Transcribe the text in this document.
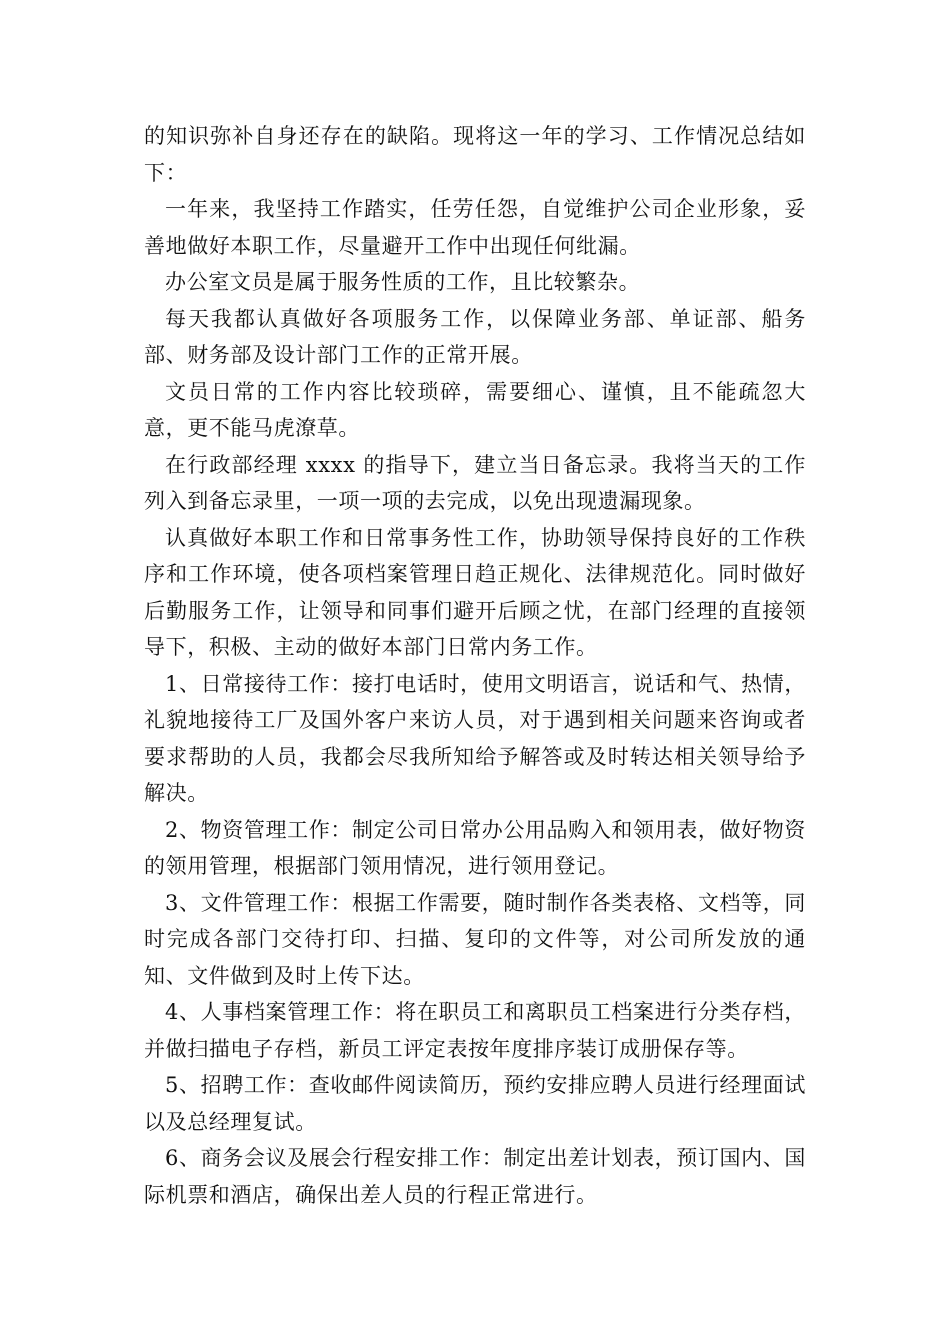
的知识弥补自身还存在的缺陷。现将这一年的学习、工作情况总结如下：

一年来，我坚持工作踏实，任劳任怨，自觉维护公司企业形象，妥善地做好本职工作，尽量避开工作中出现任何纰漏。

办公室文员是属于服务性质的工作，且比较繁杂。

每天我都认真做好各项服务工作，以保障业务部、单证部、船务部、财务部及设计部门工作的正常开展。

文员日常的工作内容比较琐碎，需要细心、谨慎，且不能疏忽大意，更不能马虎潦草。

在行政部经理 xxxx 的指导下，建立当日备忘录。我将当天的工作列入到备忘录里，一项一项的去完成，以免出现遗漏现象。

认真做好本职工作和日常事务性工作，协助领导保持良好的工作秩序和工作环境，使各项档案管理日趋正规化、法律规范化。同时做好后勤服务工作，让领导和同事们避开后顾之忧，在部门经理的直接领导下，积极、主动的做好本部门日常内务工作。

1、日常接待工作：接打电话时，使用文明语言，说话和气、热情，礼貌地接待工厂及国外客户来访人员，对于遇到相关问题来咨询或者要求帮助的人员，我都会尽我所知给予解答或及时转达相关领导给予解决。

2、物资管理工作：制定公司日常办公用品购入和领用表，做好物资的领用管理，根据部门领用情况，进行领用登记。

3、文件管理工作：根据工作需要，随时制作各类表格、文档等，同时完成各部门交待打印、扫描、复印的文件等，对公司所发放的通知、文件做到及时上传下达。

4、人事档案管理工作：将在职员工和离职员工档案进行分类存档，并做扫描电子存档，新员工评定表按年度排序装订成册保存等。

5、招聘工作：查收邮件阅读简历，预约安排应聘人员进行经理面试以及总经理复试。

6、商务会议及展会行程安排工作：制定出差计划表，预订国内、国际机票和酒店，确保出差人员的行程正常进行。
